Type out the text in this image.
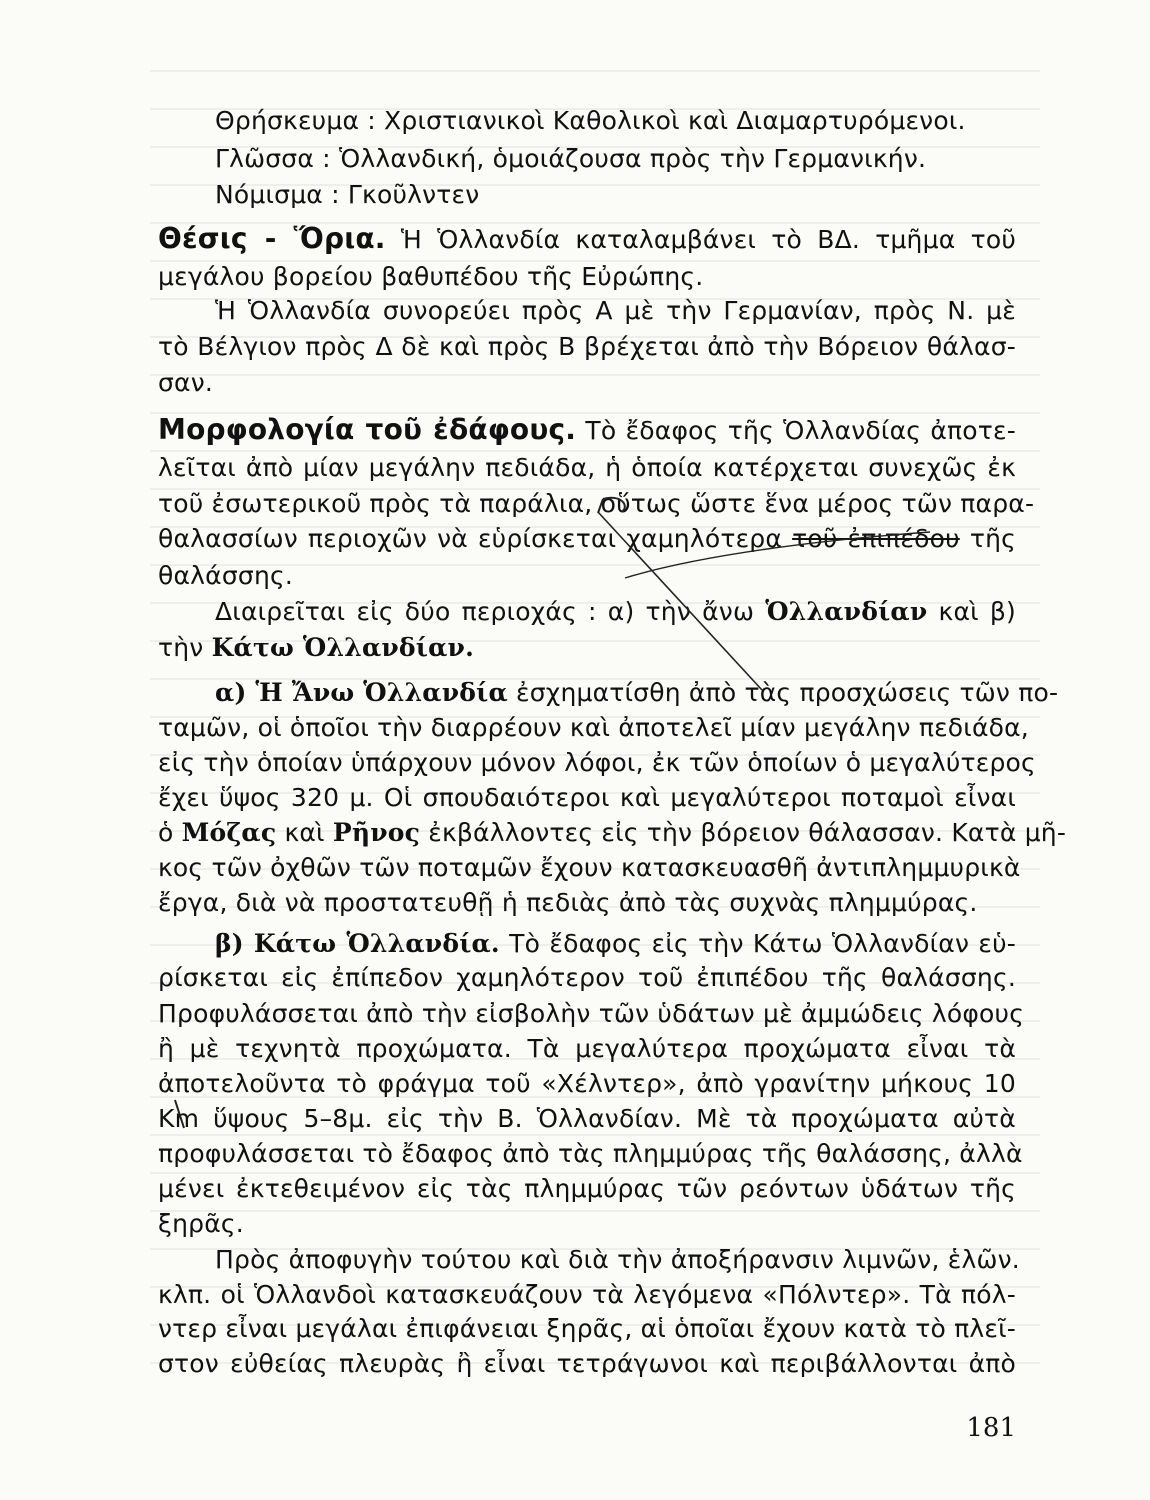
Θρήσκευμα : Χριστιανικοὶ Καθολικοὶ καὶ Διαμαρτυρόμενοι.
Γλῶσσα : Ὁλλανδική, ὁμοιάζουσα πρὸς τὴν Γερμανικήν.
Νόμισμα : Γκοῦλντεν
Θέσις - Ὅρια. Ἡ Ὁλλανδία καταλαμβάνει τὸ ΒΔ. τμῆμα τοῦ
μεγάλου βορείου βαθυπέδου τῆς Εὐρώπης.
Ἡ Ὁλλανδία συνορεύει πρὸς Α μὲ τὴν Γερμανίαν, πρὸς Ν. μὲ
τὸ Βέλγιον πρὸς Δ δὲ καὶ πρὸς Β βρέχεται ἀπὸ τὴν Βόρειον θάλασ-
σαν.
Μορφολογία τοῦ ἐδάφους. Τὸ ἔδαφος τῆς Ὁλλανδίας ἀποτε-
λεῖται ἀπὸ μίαν μεγάλην πεδιάδα, ἡ ὁποία κατέρχεται συνεχῶς ἐκ
τοῦ ἐσωτερικοῦ πρὸς τὰ παράλια, οὕτως ὥστε ἕνα μέρος τῶν παρα-
θαλασσίων περιοχῶν νὰ εὑρίσκεται χαμηλότερα τοῦ ἐπιπέδου τῆς
θαλάσσης.
Διαιρεῖται εἰς δύο περιοχάς : α) τὴν ἄνω Ὁλλανδίαν καὶ β)
τὴν Κάτω Ὁλλανδίαν.
α) Ἡ Ἄνω Ὁλλανδία ἐσχηματίσθη ἀπὸ τὰς προσχώσεις τῶν πο-
ταμῶν, οἱ ὁποῖοι τὴν διαρρέουν καὶ ἀποτελεῖ μίαν μεγάλην πεδιάδα,
εἰς τὴν ὁποίαν ὑπάρχουν μόνον λόφοι, ἐκ τῶν ὁποίων ὁ μεγαλύτερος
ἔχει ὕψος 320 μ. Οἱ σπουδαιότεροι καὶ μεγαλύτεροι ποταμοὶ εἶναι
ὁ Μόζας καὶ Ρῆνος ἐκβάλλοντες εἰς τὴν βόρειον θάλασσαν. Κατὰ μῆ-
κος τῶν ὀχθῶν τῶν ποταμῶν ἔχουν κατασκευασθῆ ἀντιπλημμυρικὰ
ἔργα, διὰ νὰ προστατευθῇ ἡ πεδιὰς ἀπὸ τὰς συχνὰς πλημμύρας.
β) Κάτω Ὁλλανδία. Τὸ ἔδαφος εἰς τὴν Κάτω Ὁλλανδίαν εὑ-
ρίσκεται εἰς ἐπίπεδον χαμηλότερον τοῦ ἐπιπέδου τῆς θαλάσσης.
Προφυλάσσεται ἀπὸ τὴν εἰσβολὴν τῶν ὑδάτων μὲ ἀμμώδεις λόφους
ἢ μὲ τεχνητὰ προχώματα. Τὰ μεγαλύτερα προχώματα εἶναι τὰ
ἀποτελοῦντα τὸ φράγμα τοῦ «Χέλντερ», ἀπὸ γρανίτην μήκους 10
Km ὕψους 5–8μ. εἰς τὴν Β. Ὁλλανδίαν. Μὲ τὰ προχώματα αὐτὰ
προφυλάσσεται τὸ ἔδαφος ἀπὸ τὰς πλημμύρας τῆς θαλάσσης, ἀλλὰ
μένει ἐκτεθειμένον εἰς τὰς πλημμύρας τῶν ρεόντων ὑδάτων τῆς
ξηρᾶς.
Πρὸς ἀποφυγὴν τούτου καὶ διὰ τὴν ἀποξήρανσιν λιμνῶν, ἑλῶν.
κλπ. οἱ Ὁλλανδοὶ κατασκευάζουν τὰ λεγόμενα «Πόλντερ». Τὰ πόλ-
ντερ εἶναι μεγάλαι ἐπιφάνειαι ξηρᾶς, αἱ ὁποῖαι ἔχουν κατὰ τὸ πλεῖ-
στον εὐθείας πλευρὰς ἢ εἶναι τετράγωνοι καὶ περιβάλλονται ἀπὸ
181
